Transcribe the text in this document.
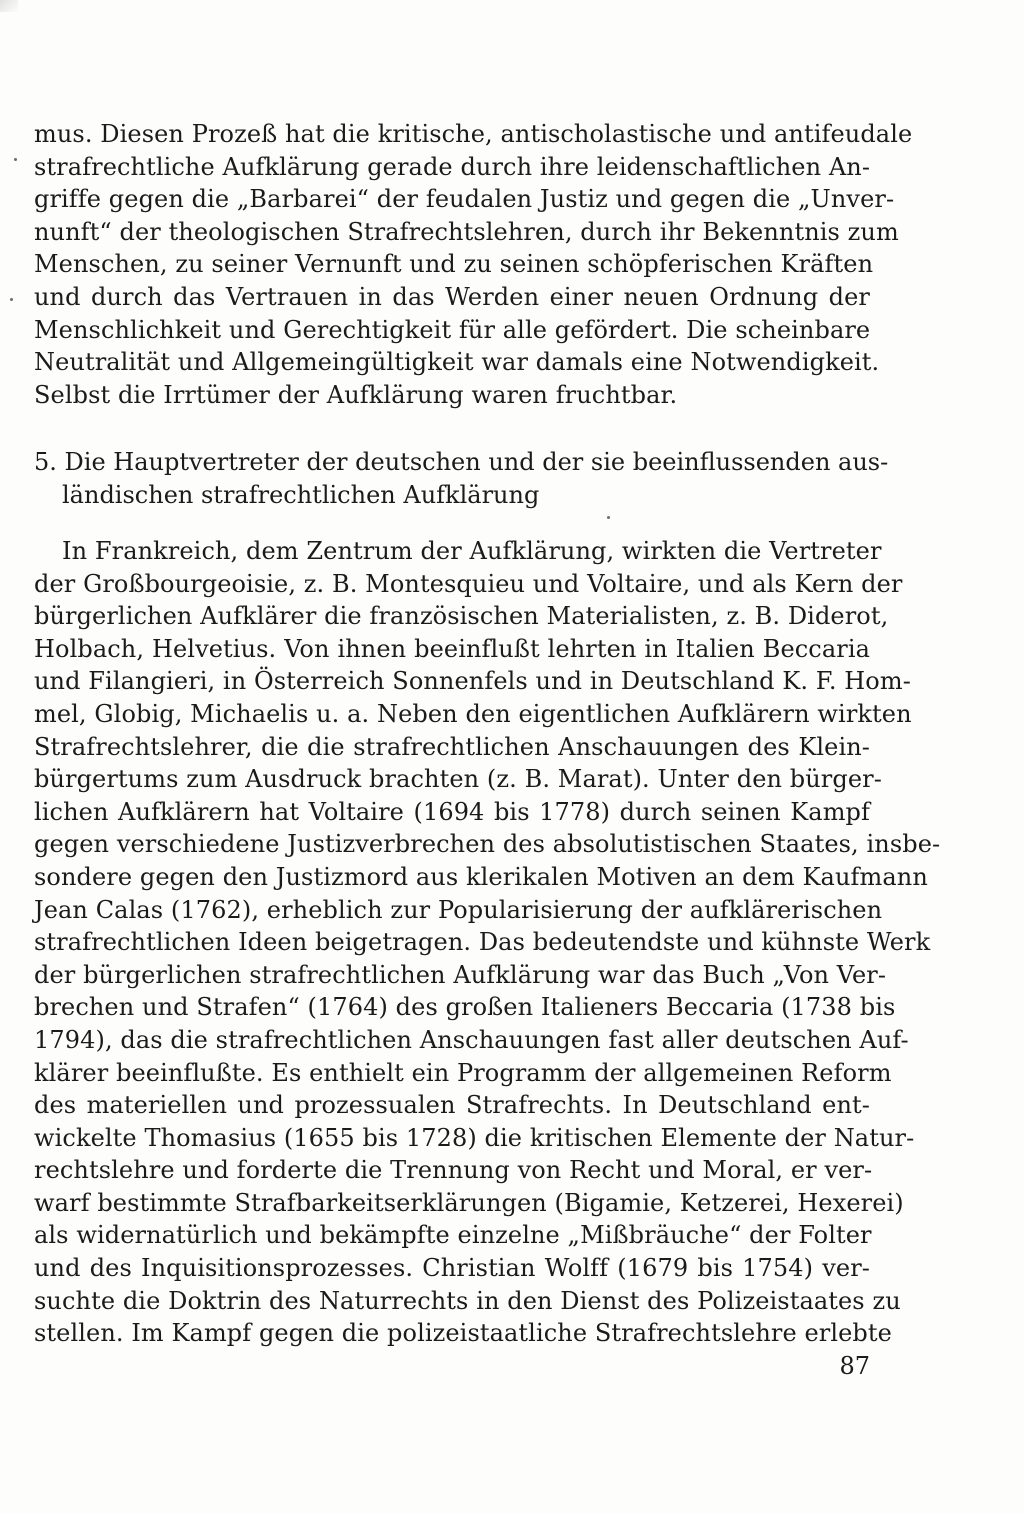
mus. Diesen Prozeß hat die kritische, antischolastische und antifeudale
strafrechtliche Aufklärung gerade durch ihre leidenschaftlichen An-
griffe gegen die „Barbarei“ der feudalen Justiz und gegen die „Unver-
nunft“ der theologischen Strafrechtslehren, durch ihr Bekenntnis zum
Menschen, zu seiner Vernunft und zu seinen schöpferischen Kräften
und durch das Vertrauen in das Werden einer neuen Ordnung der
Menschlichkeit und Gerechtigkeit für alle gefördert. Die scheinbare
Neutralität und Allgemeingültigkeit war damals eine Notwendigkeit.
Selbst die Irrtümer der Aufklärung waren fruchtbar.
5. Die Hauptvertreter der deutschen und der sie beeinflussenden aus-
ländischen strafrechtlichen Aufklärung
In Frankreich, dem Zentrum der Aufklärung, wirkten die Vertreter
der Großbourgeoisie, z. B. Montesquieu und Voltaire, und als Kern der
bürgerlichen Aufklärer die französischen Materialisten, z. B. Diderot,
Holbach, Helvetius. Von ihnen beeinflußt lehrten in Italien Beccaria
und Filangieri, in Österreich Sonnenfels und in Deutschland K. F. Hom-
mel, Globig, Michaelis u. a. Neben den eigentlichen Aufklärern wirkten
Strafrechtslehrer, die die strafrechtlichen Anschauungen des Klein-
bürgertums zum Ausdruck brachten (z. B. Marat). Unter den bürger-
lichen Aufklärern hat Voltaire (1694 bis 1778) durch seinen Kampf
gegen verschiedene Justizverbrechen des absolutistischen Staates, insbe-
sondere gegen den Justizmord aus klerikalen Motiven an dem Kaufmann
Jean Calas (1762), erheblich zur Popularisierung der aufklärerischen
strafrechtlichen Ideen beigetragen. Das bedeutendste und kühnste Werk
der bürgerlichen strafrechtlichen Aufklärung war das Buch „Von Ver-
brechen und Strafen“ (1764) des großen Italieners Beccaria (1738 bis
1794), das die strafrechtlichen Anschauungen fast aller deutschen Auf-
klärer beeinflußte. Es enthielt ein Programm der allgemeinen Reform
des materiellen und prozessualen Strafrechts. In Deutschland ent-
wickelte Thomasius (1655 bis 1728) die kritischen Elemente der Natur-
rechtslehre und forderte die Trennung von Recht und Moral, er ver-
warf bestimmte Strafbarkeitserklärungen (Bigamie, Ketzerei, Hexerei)
als widernatürlich und bekämpfte einzelne „Mißbräuche“ der Folter
und des Inquisitionsprozesses. Christian Wolff (1679 bis 1754) ver-
suchte die Doktrin des Naturrechts in den Dienst des Polizeistaates zu
stellen. Im Kampf gegen die polizeistaatliche Strafrechtslehre erlebte
87
